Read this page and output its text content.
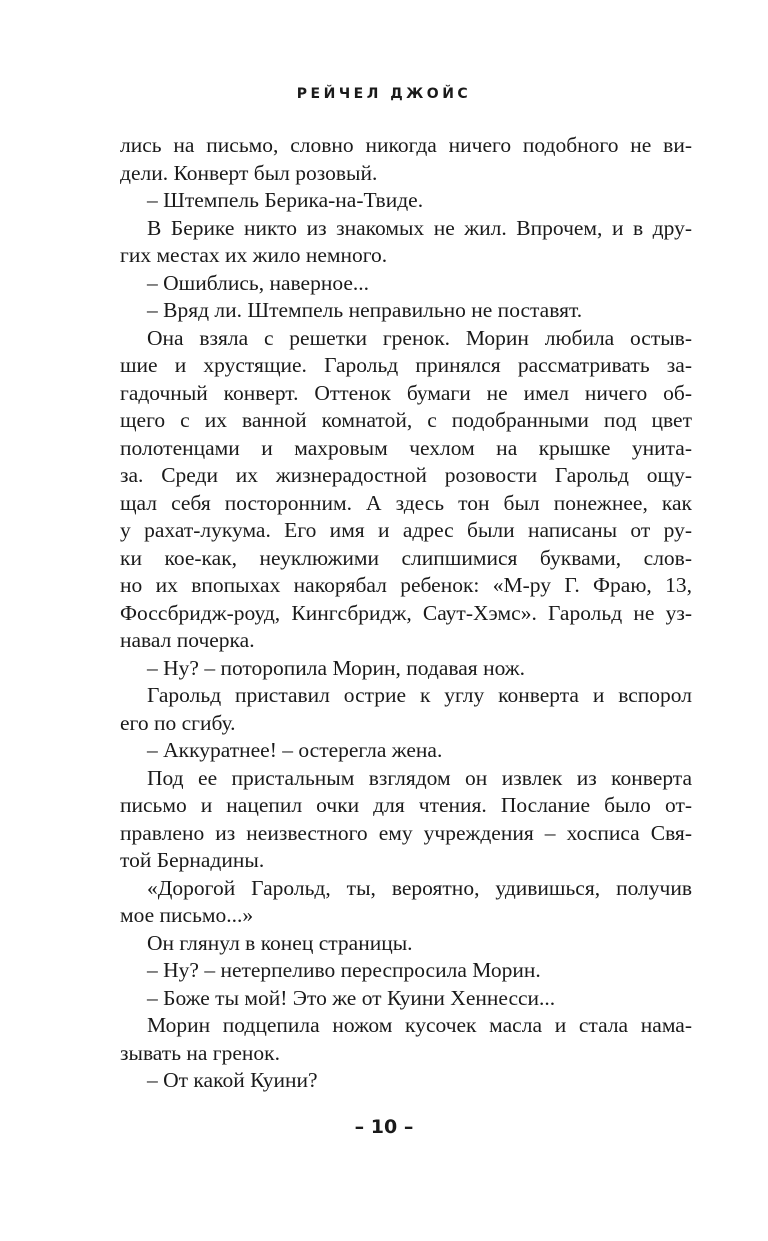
РЕЙЧЕЛ ДЖОЙС
лись на письмо, словно никогда ничего подобного не ви-
дели. Конверт был розовый.
– Штемпель Берика-на-Твиде.
В Берике никто из знакомых не жил. Впрочем, и в дру-
гих местах их жило немного.
– Ошиблись, наверное...
– Вряд ли. Штемпель неправильно не поставят.
Она взяла с решетки гренок. Морин любила остыв-
шие и хрустящие. Гарольд принялся рассматривать за-
гадочный конверт. Оттенок бумаги не имел ничего об-
щего с их ванной комнатой, с подобранными под цвет
полотенцами и махровым чехлом на крышке унита-
за. Среди их жизнерадостной розовости Гарольд ощу-
щал себя посторонним. А здесь тон был понежнее, как
у рахат-лукума. Его имя и адрес были написаны от ру-
ки кое-как, неуклюжими слипшимися буквами, слов-
но их впопыхах накорябал ребенок: «М-ру Г. Фраю, 13,
Фоссбридж-роуд, Кингсбридж, Саут-Хэмс». Гарольд не уз-
навал почерка.
– Ну? – поторопила Морин, подавая нож.
Гарольд приставил острие к углу конверта и вспорол
его по сгибу.
– Аккуратнее! – остерегла жена.
Под ее пристальным взглядом он извлек из конверта
письмо и нацепил очки для чтения. Послание было от-
правлено из неизвестного ему учреждения – хосписа Свя-
той Бернадины.
«Дорогой Гарольд, ты, вероятно, удивишься, получив
мое письмо...»
Он глянул в конец страницы.
– Ну? – нетерпеливо переспросила Морин.
– Боже ты мой! Это же от Куини Хеннесси...
Морин подцепила ножом кусочек масла и стала нама-
зывать на гренок.
– От какой Куини?
– 10 –
